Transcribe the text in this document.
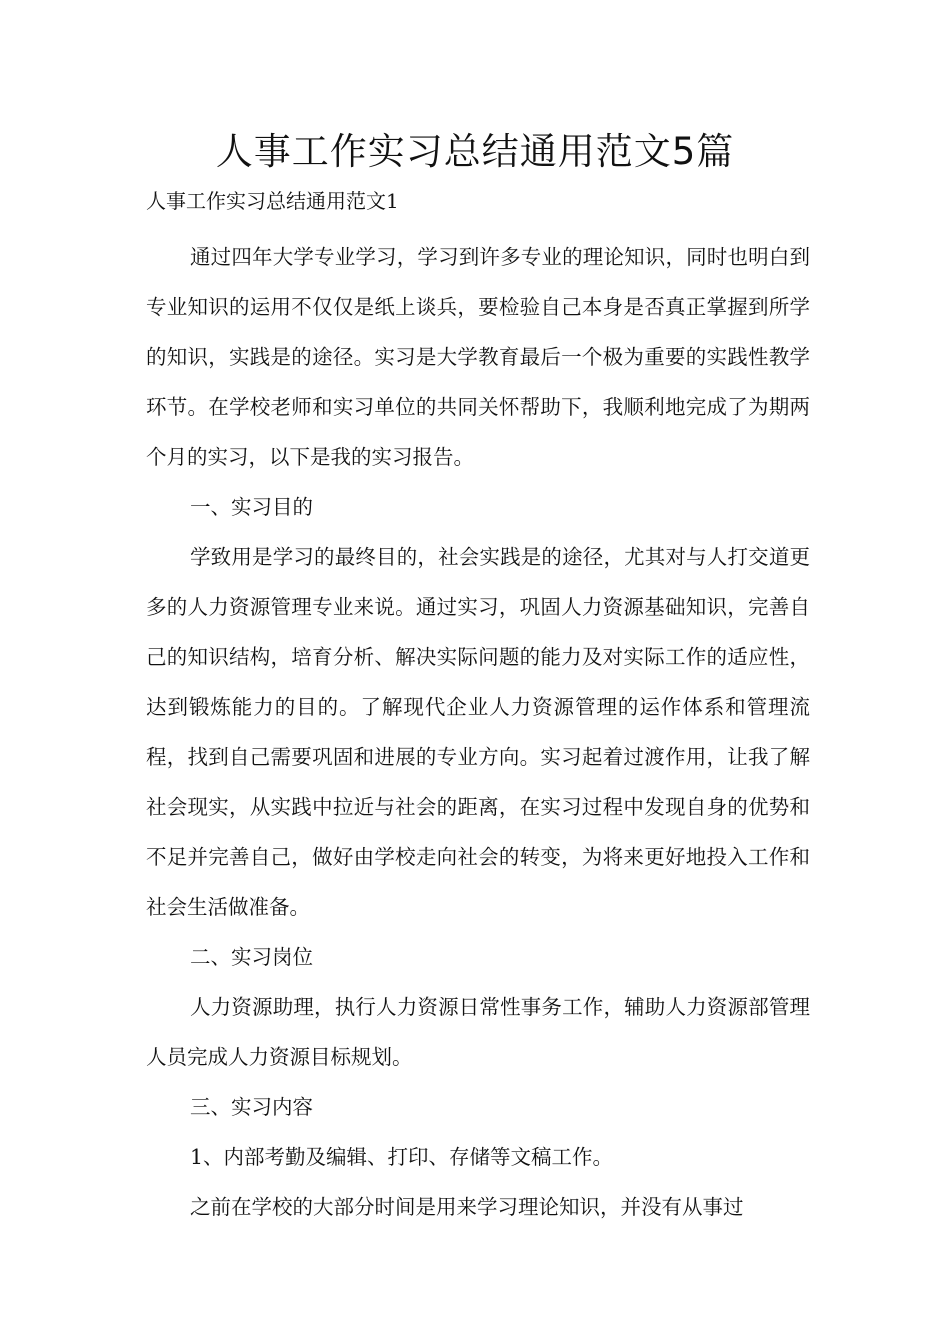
人事工作实习总结通用范文5篇
人事工作实习总结通用范文1

通过四年大学专业学习，学习到许多专业的理论知识，同时也明白到专业知识的运用不仅仅是纸上谈兵，要检验自己本身是否真正掌握到所学的知识，实践是的途径。实习是大学教育最后一个极为重要的实践性教学环节。在学校老师和实习单位的共同关怀帮助下，我顺利地完成了为期两个月的实习，以下是我的实习报告。

一、实习目的

学致用是学习的最终目的，社会实践是的途径，尤其对与人打交道更多的人力资源管理专业来说。通过实习，巩固人力资源基础知识，完善自己的知识结构，培育分析、解决实际问题的能力及对实际工作的适应性，达到锻炼能力的目的。了解现代企业人力资源管理的运作体系和管理流程，找到自己需要巩固和进展的专业方向。实习起着过渡作用，让我了解社会现实，从实践中拉近与社会的距离，在实习过程中发现自身的优势和不足并完善自己，做好由学校走向社会的转变，为将来更好地投入工作和社会生活做准备。

二、实习岗位

人力资源助理，执行人力资源日常性事务工作，辅助人力资源部管理人员完成人力资源目标规划。

三、实习内容

1、内部考勤及编辑、打印、存储等文稿工作。

之前在学校的大部分时间是用来学习理论知识，并没有从事过
